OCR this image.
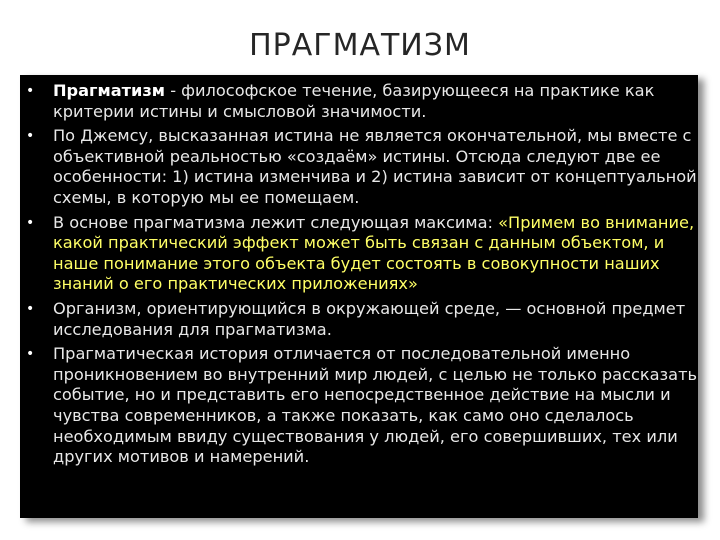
ПРАГМАТИЗМ
• Прагматизм - философское течение, базирующееся на практике как критерии истины и смысловой значимости.
• По Джемсу, высказанная истина не является окончательной, мы вместе с объективной реальностью «создаём» истины. Отсюда следуют две ее особенности: 1) истина изменчива и 2) истина зависит от концептуальной схемы, в которую мы ее помещаем.
• В основе прагматизма лежит следующая максима: «Примем во внимание, какой практический эффект может быть связан с данным объектом, и наше понимание этого объекта будет состоять в совокупности наших знаний о его практических приложениях»
• Организм, ориентирующийся в окружающей среде, — основной предмет исследования для прагматизма.
• Прагматическая история отличается от последовательной именно проникновением во внутренний мир людей, с целью не только рассказать событие, но и представить его непосредственное действие на мысли и чувства современников, а также показать, как само оно сделалось необходимым ввиду существования у людей, его совершивших, тех или других мотивов и намерений.
